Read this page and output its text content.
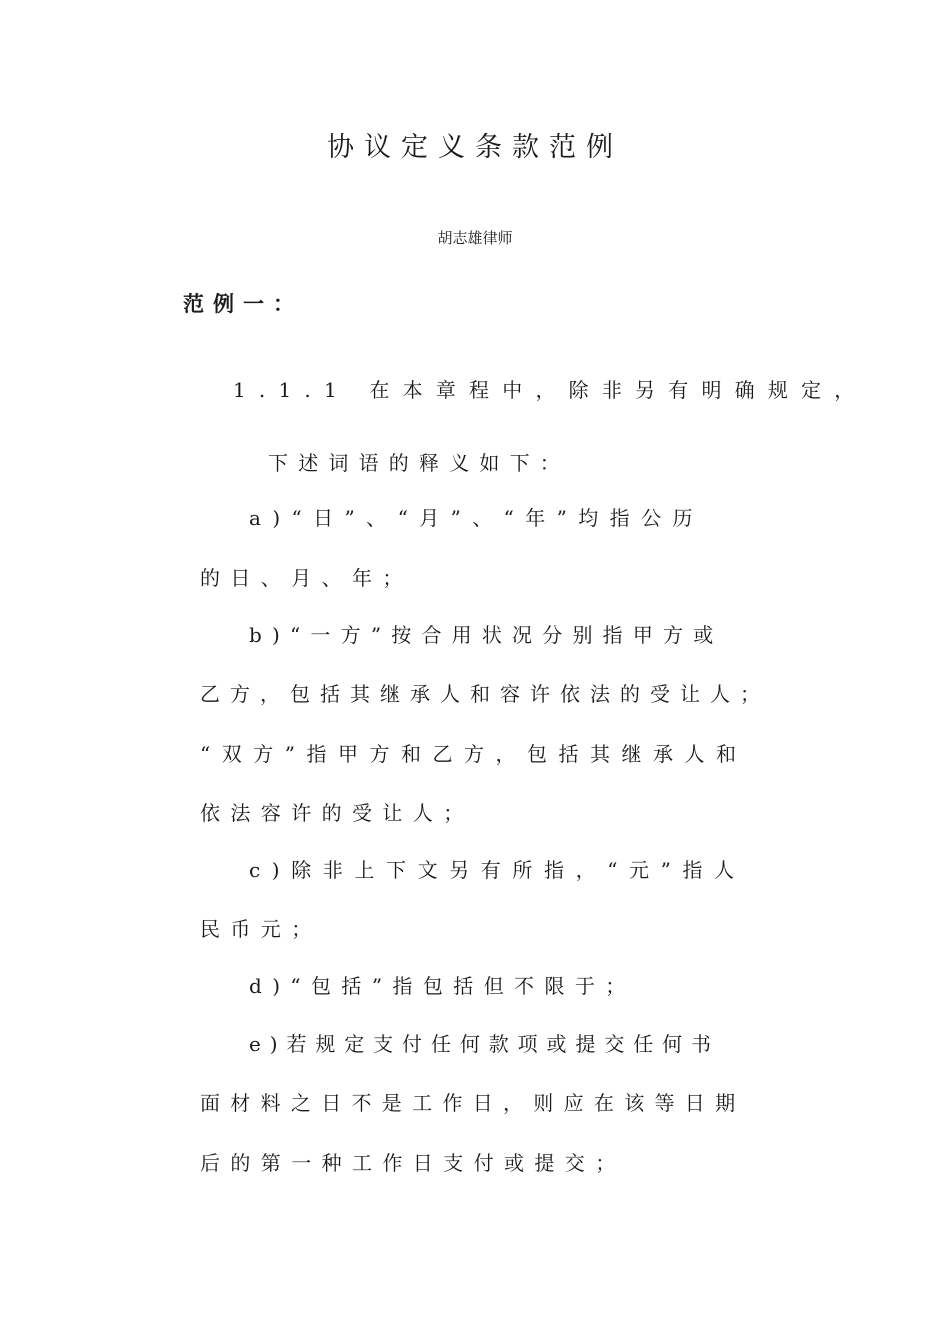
协议定义条款范例
胡志雄律师
范例一：
1.1.1 在本章程中，除非另有明确规定，
下述词语的释义如下：
a)“日”、“月”、“年”均指公历
的日、月、年；
b)“一方”按合用状况分别指甲方或
乙方，包括其继承人和容许依法的受让人；
“双方”指甲方和乙方，包括其继承人和
依法容许的受让人；
c)除非上下文另有所指，“元”指人
民币元；
d)“包括”指包括但不限于；
e)若规定支付任何款项或提交任何书
面材料之日不是工作日，则应在该等日期
后的第一种工作日支付或提交；
